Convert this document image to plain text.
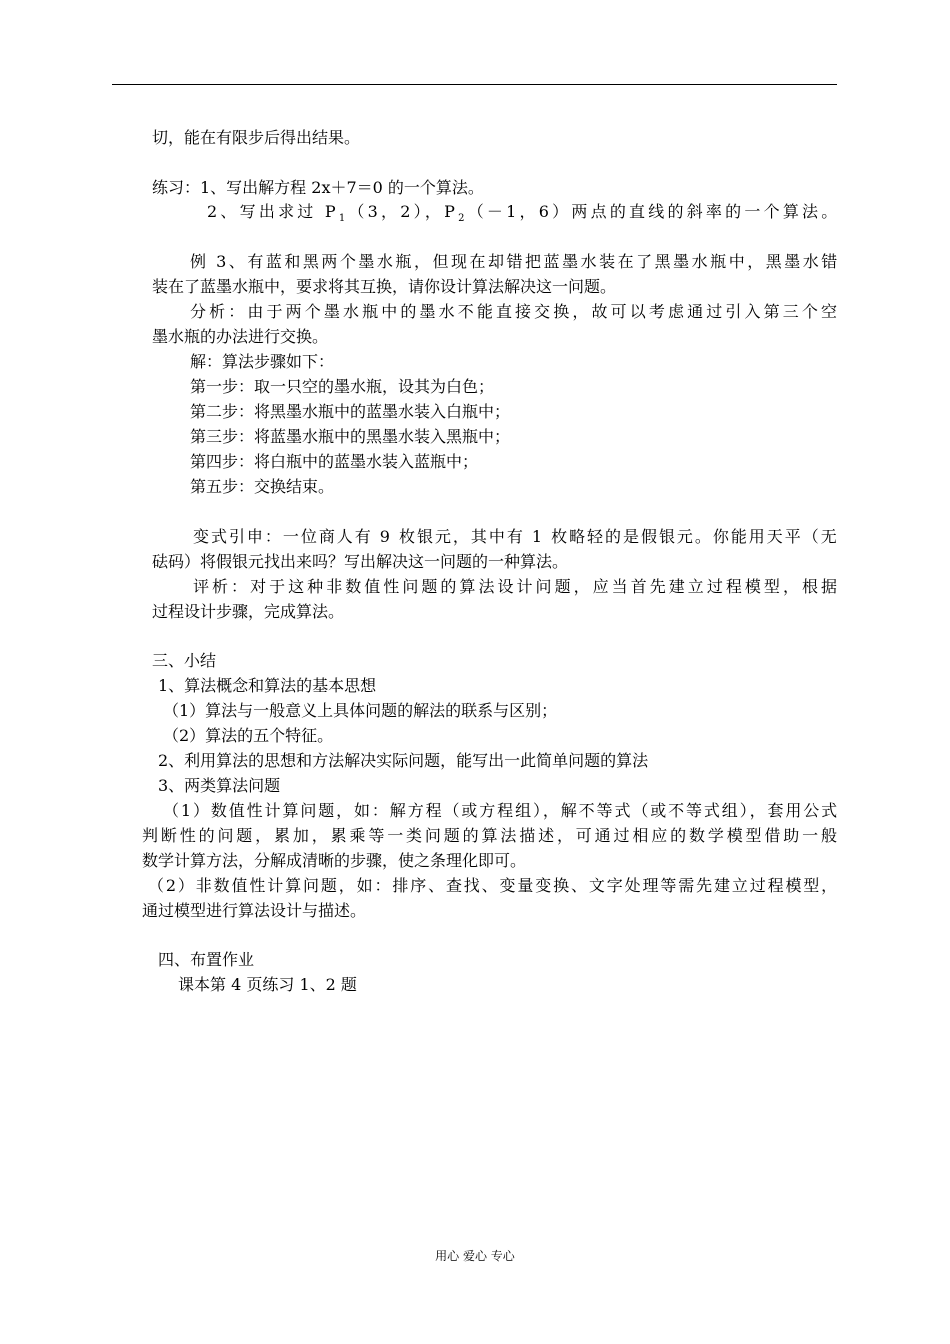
切，能在有限步后得出结果。
练习：1、写出解方程 2x＋7＝0 的一个算法。
2、写出求过 $P_1(3$，2），$P_2(-1$，6）两点的直线的斜率的一个算法。
例 3、有蓝和黑两个墨水瓶，但现在却错把蓝墨水装在了黑墨水瓶中，黑墨水错
装在了蓝墨水瓶中，要求将其互换，请你设计算法解决这一问题。
分析：由于两个墨水瓶中的墨水不能直接交换，故可以考虑通过引入第三个空
墨水瓶的办法进行交换。
解：算法步骤如下：
第一步：取一只空的墨水瓶，设其为白色；
第二步：将黑墨水瓶中的蓝墨水装入白瓶中；
第三步：将蓝墨水瓶中的黑墨水装入黑瓶中；
第四步：将白瓶中的蓝墨水装入蓝瓶中；
第五步：交换结束。
变式引申：一位商人有 9 枚银元，其中有 1 枚略轻的是假银元。你能用天平（无
砝码）将假银元找出来吗？写出解决这一问题的一种算法。
评析：对于这种非数值性问题的算法设计问题，应当首先建立过程模型，根据
过程设计步骤，完成算法。
三、小结
1、算法概念和算法的基本思想
（1）算法与一般意义上具体问题的解法的联系与区别；
（2）算法的五个特征。
2、利用算法的思想和方法解决实际问题，能写出一此简单问题的算法
3、两类算法问题
（1）数值性计算问题，如：解方程（或方程组），解不等式（或不等式组），套用公式
判断性的问题，累加，累乘等一类问题的算法描述，可通过相应的数学模型借助一般
数学计算方法，分解成清晰的步骤，使之条理化即可。
（2）非数值性计算问题，如：排序、查找、变量变换、文字处理等需先建立过程模型，
通过模型进行算法设计与描述。
四、布置作业
课本第 4 页练习 1、2 题
用心 爱心 专心
